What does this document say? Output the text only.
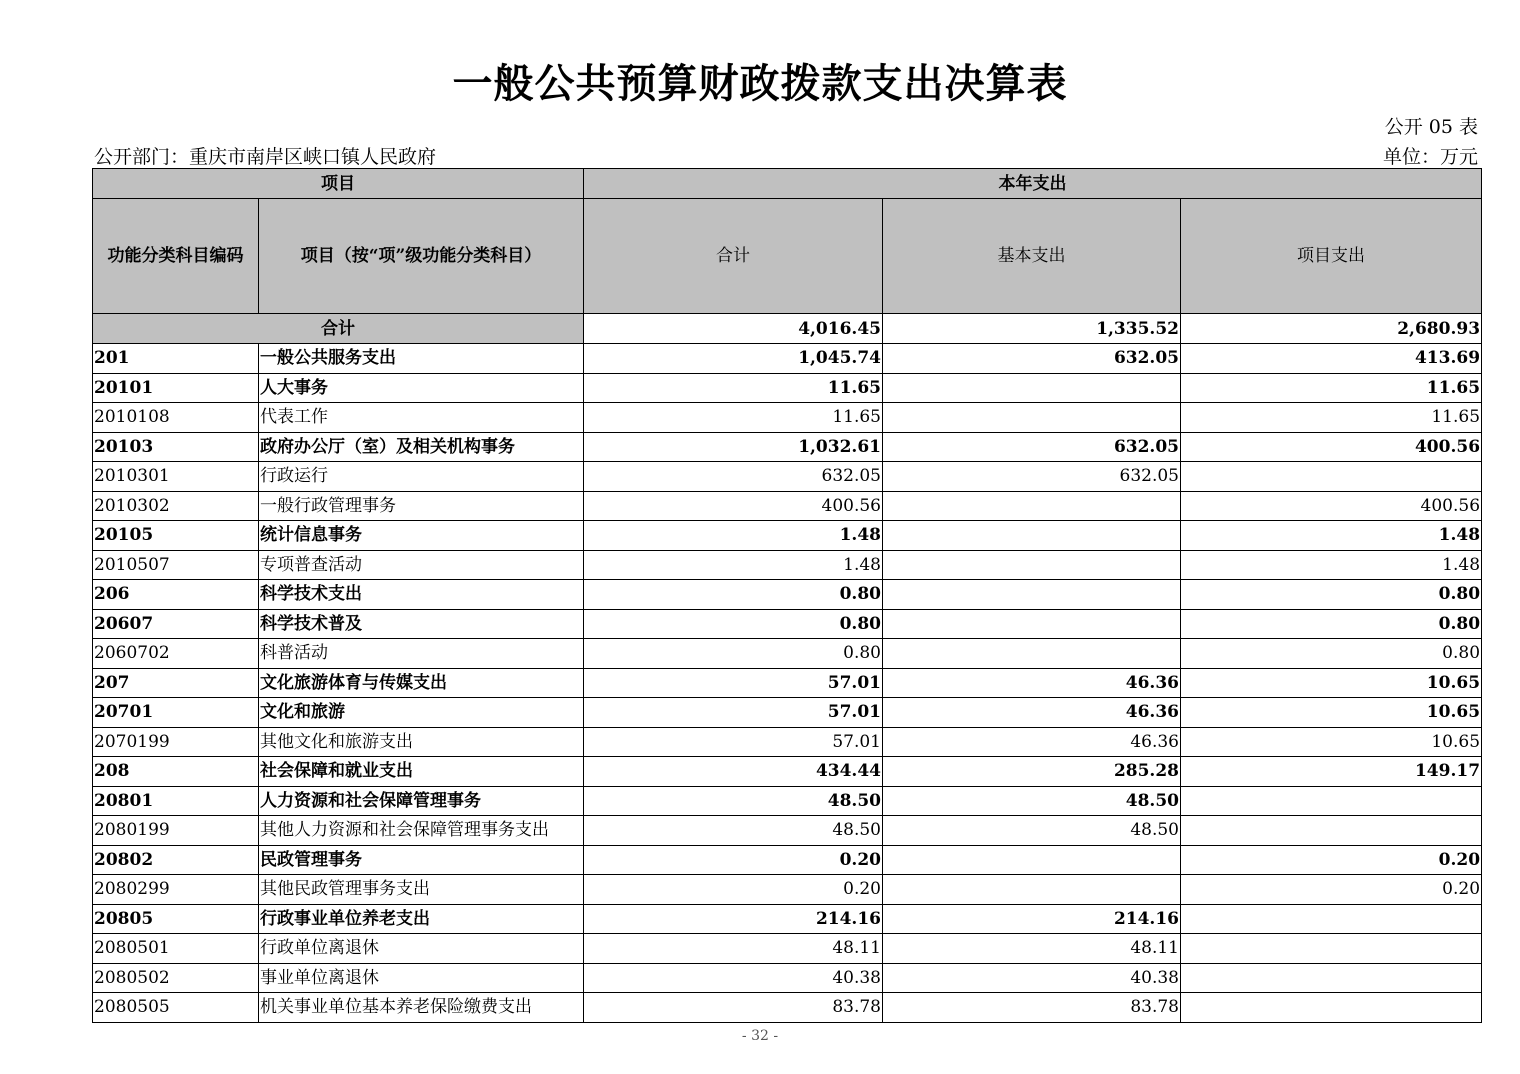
一般公共预算财政拨款支出决算表
公开 05 表
公开部门：重庆市南岸区峡口镇人民政府	单位：万元
项目		本年支出		
功能分类科目编码	项目（按“项”级功能分类科目）	合计	基本支出	项目支出
合计		4,016.45	1,335.52	2,680.93
201	一般公共服务支出	1,045.74	632.05	413.69
20101	人大事务	11.65		11.65
2010108	代表工作	11.65		11.65
20103	政府办公厅（室）及相关机构事务	1,032.61	632.05	400.56
2010301	行政运行	632.05	632.05	
2010302	一般行政管理事务	400.56		400.56
20105	统计信息事务	1.48		1.48
2010507	专项普查活动	1.48		1.48
206	科学技术支出	0.80		0.80
20607	科学技术普及	0.80		0.80
2060702	科普活动	0.80		0.80
207	文化旅游体育与传媒支出	57.01	46.36	10.65
20701	文化和旅游	57.01	46.36	10.65
2070199	其他文化和旅游支出	57.01	46.36	10.65
208	社会保障和就业支出	434.44	285.28	149.17
20801	人力资源和社会保障管理事务	48.50	48.50	
2080199	其他人力资源和社会保障管理事务支出	48.50	48.50	
20802	民政管理事务	0.20		0.20
2080299	其他民政管理事务支出	0.20		0.20
20805	行政事业单位养老支出	214.16	214.16	
2080501	行政单位离退休	48.11	48.11	
2080502	事业单位离退休	40.38	40.38	
2080505	机关事业单位基本养老保险缴费支出	83.78	83.78	
- 32 -
